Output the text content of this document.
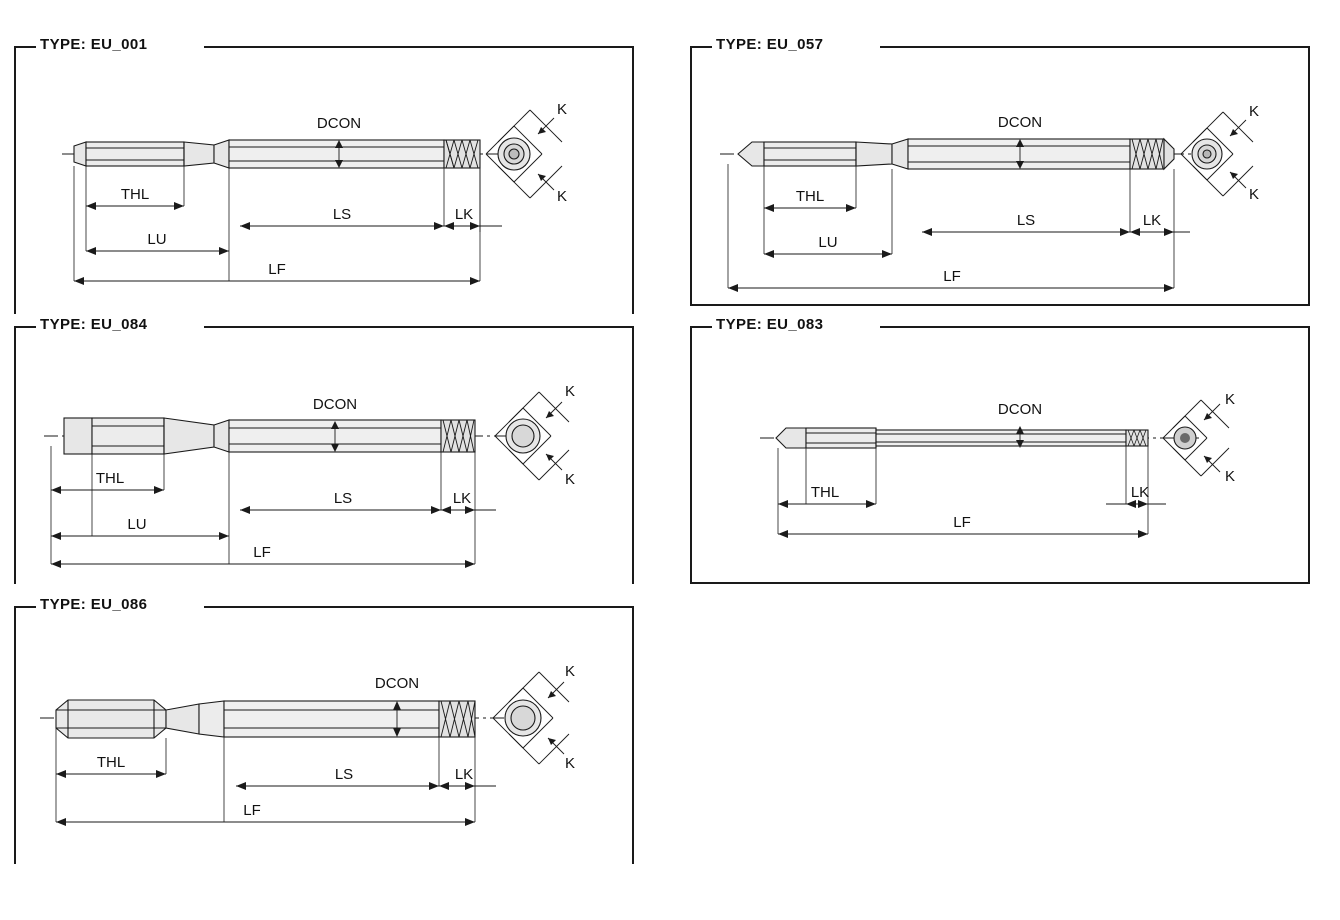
TYPE: EU_001
DCON
THL
LU
LS	LK
LF
K
K
TYPE: EU_057
DCON
THL
LU
LS	LK
LF
K
K
TYPE: EU_084
DCON
THL
LU
LS	LK
LF
K
K
TYPE: EU_083
DCON
THL	LK
LF
K
K
TYPE: EU_086
DCON
THL
LS	LK
LF
K
K
